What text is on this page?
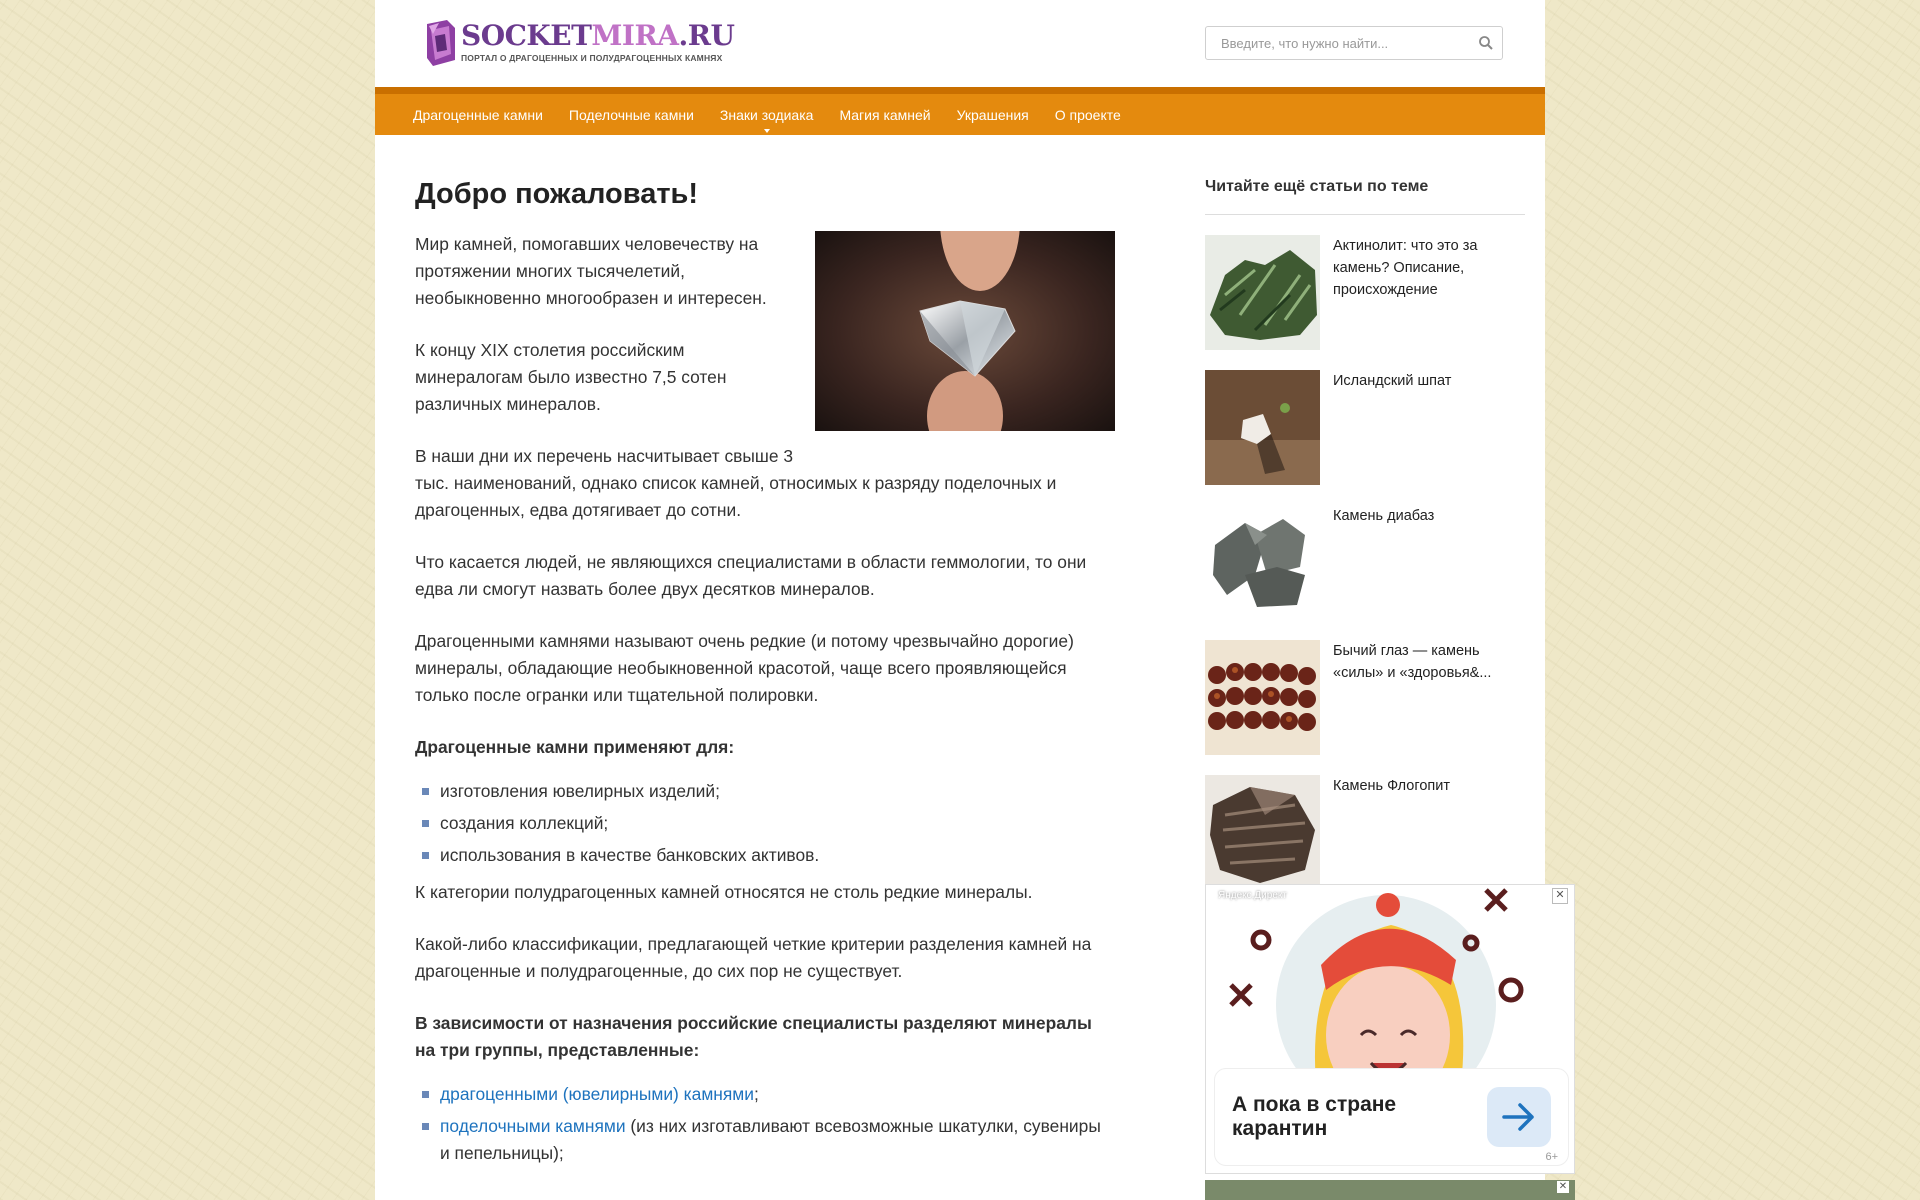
SOCKETMIRA.RU
ПОРТАЛ О ДРАГОЦЕННЫХ И ПОЛУДРАГОЦЕННЫХ КАМНЯХ
Введите, что нужно найти...
Драгоценные камни Поделочные камни Знаки зодиака Магия камней Украшения О проекте
Добро пожаловать!

Мир камней, помогавших человечеству на протяжении многих тысячелетий, необыкновенно многообразен и интересен.

К концу XIX столетия российским минералогам было известно 7,5 сотен различных минералов.

В наши дни их перечень насчитывает свыше 3 тыс. наименований, однако список камней, относимых к разряду поделочных и драгоценных, едва дотягивает до сотни.

Что касается людей, не являющихся специалистами в области геммологии, то они едва ли смогут назвать более двух десятков минералов.

Драгоценными камнями называют очень редкие (и потому чрезвычайно дорогие) минералы, обладающие необыкновенной красотой, чаще всего проявляющейся только после огранки или тщательной полировки.

Драгоценные камни применяют для:

изготовления ювелирных изделий;
создания коллекций;
использования в качестве банковских активов.

К категории полудрагоценных камней относятся не столь редкие минералы.

Какой-либо классификации, предлагающей четкие критерии разделения камней на драгоценные и полудрагоценные, до сих пор не существует.

В зависимости от назначения российские специалисты разделяют минералы на три группы, представленные:

драгоценными (ювелирными) камнями;
поделочными камнями (из них изготавливают всевозможные шкатулки, сувениры и пепельницы);
Читайте ещё статьи по теме
Актинолит: что это за камень? Описание, происхождение
Исландский шпат
Камень диабаз
Бычий глаз — камень «силы» и «здоровья&...
Камень Флогопит
Яндекс.Директ	✕
А пока в стране карантин
6+
✕
